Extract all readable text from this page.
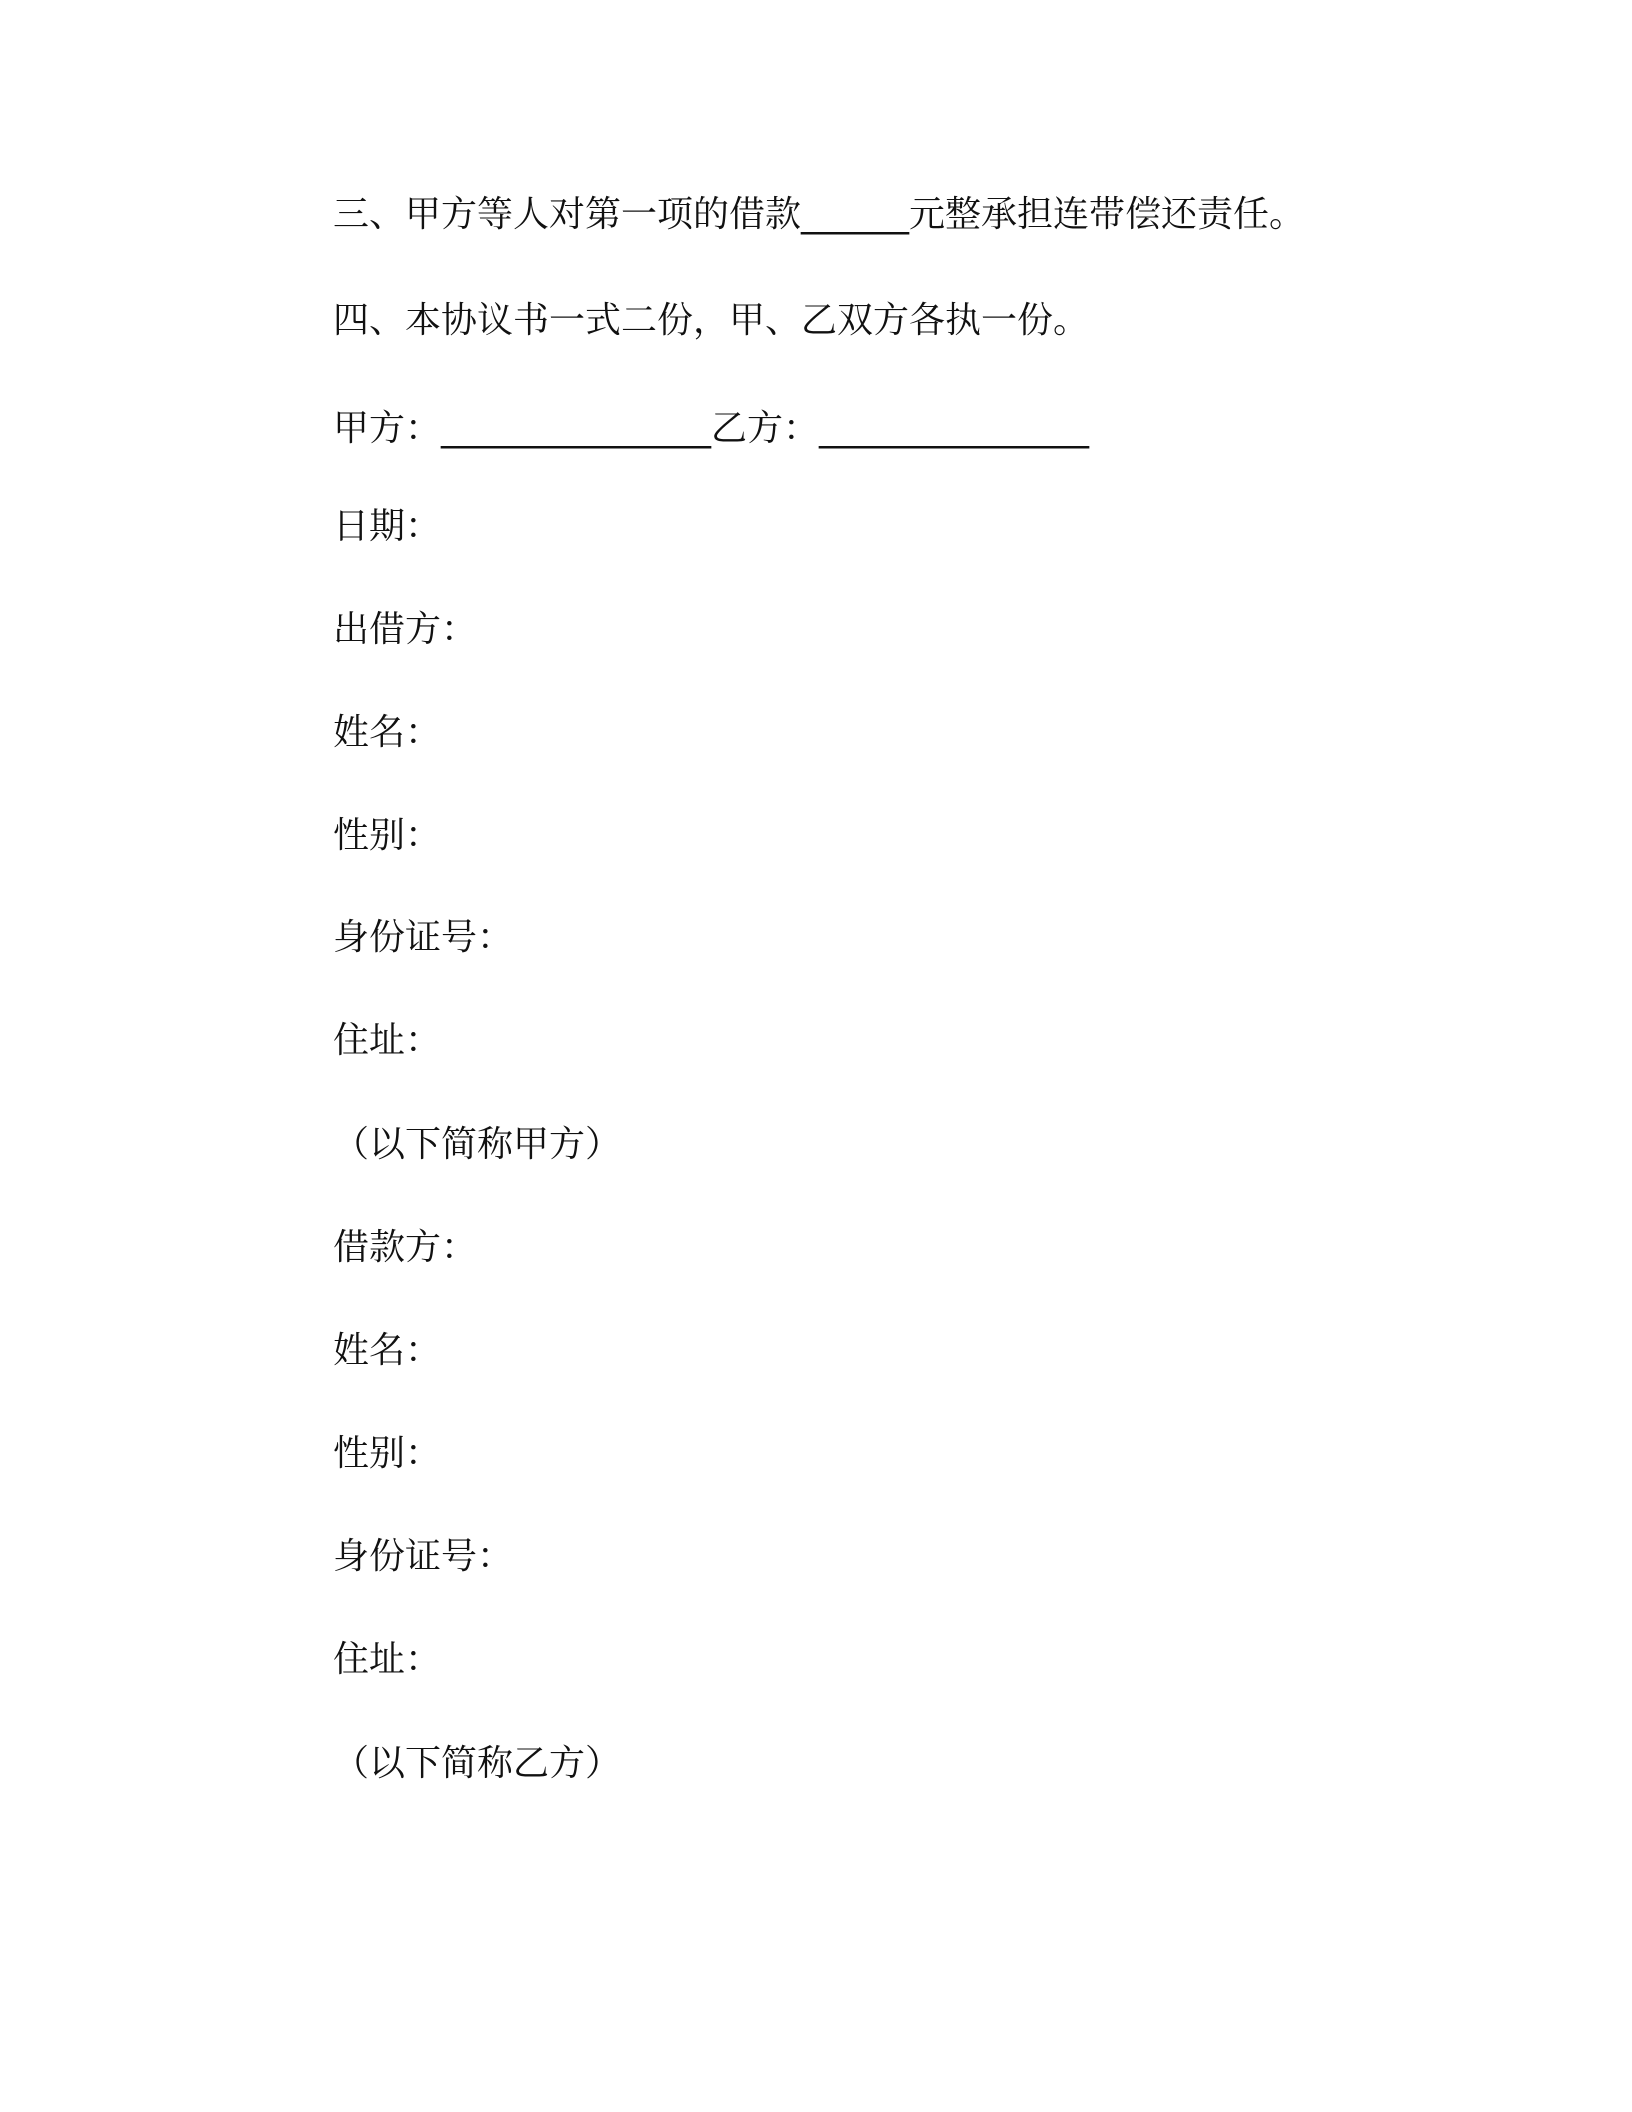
三、甲方等人对第一项的借款______元整承担连带偿还责任。
四、本协议书一式二份，甲、乙双方各执一份。
甲方：_______________乙方：_______________
日期：
出借方：
姓名：
性别：
身份证号：
住址：
（以下简称甲方）
借款方：
姓名：
性别：
身份证号：
住址：
（以下简称乙方）
